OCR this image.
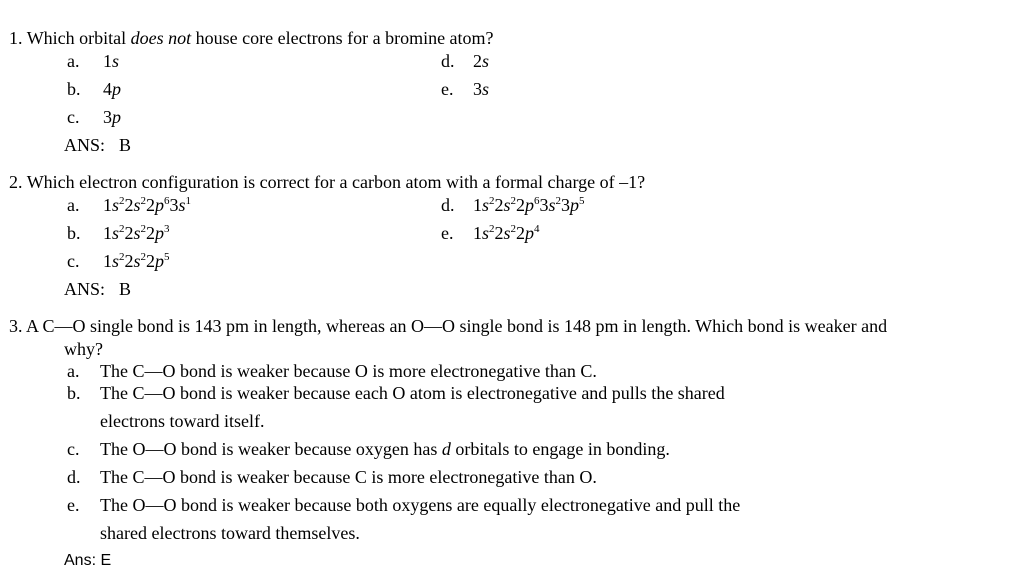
1. Which orbital does not house core electrons for a bromine atom?
a. 1s
b. 4p
c. 3p
d. 2s
e. 3s
ANS: B
2. Which electron configuration is correct for a carbon atom with a formal charge of –1?
a. $1s^22s^22p^63s^1$
b. $1s^22s^22p^3$
c. $1s^22s^22p^5$
d. $1s^22s^22p^63s^23p^5$
e. $1s^22s^22p^4$
ANS: B
3. A C—O single bond is 143 pm in length, whereas an O—O single bond is 148 pm in length. Which bond is weaker and
why?
a. The C—O bond is weaker because O is more electronegative than C.
b. The C—O bond is weaker because each O atom is electronegative and pulls the shared
electrons toward itself.
c. The O—O bond is weaker because oxygen has d orbitals to engage in bonding.
d. The C—O bond is weaker because C is more electronegative than O.
e. The O—O bond is weaker because both oxygens are equally electronegative and pull the
shared electrons toward themselves.
Ans: E
